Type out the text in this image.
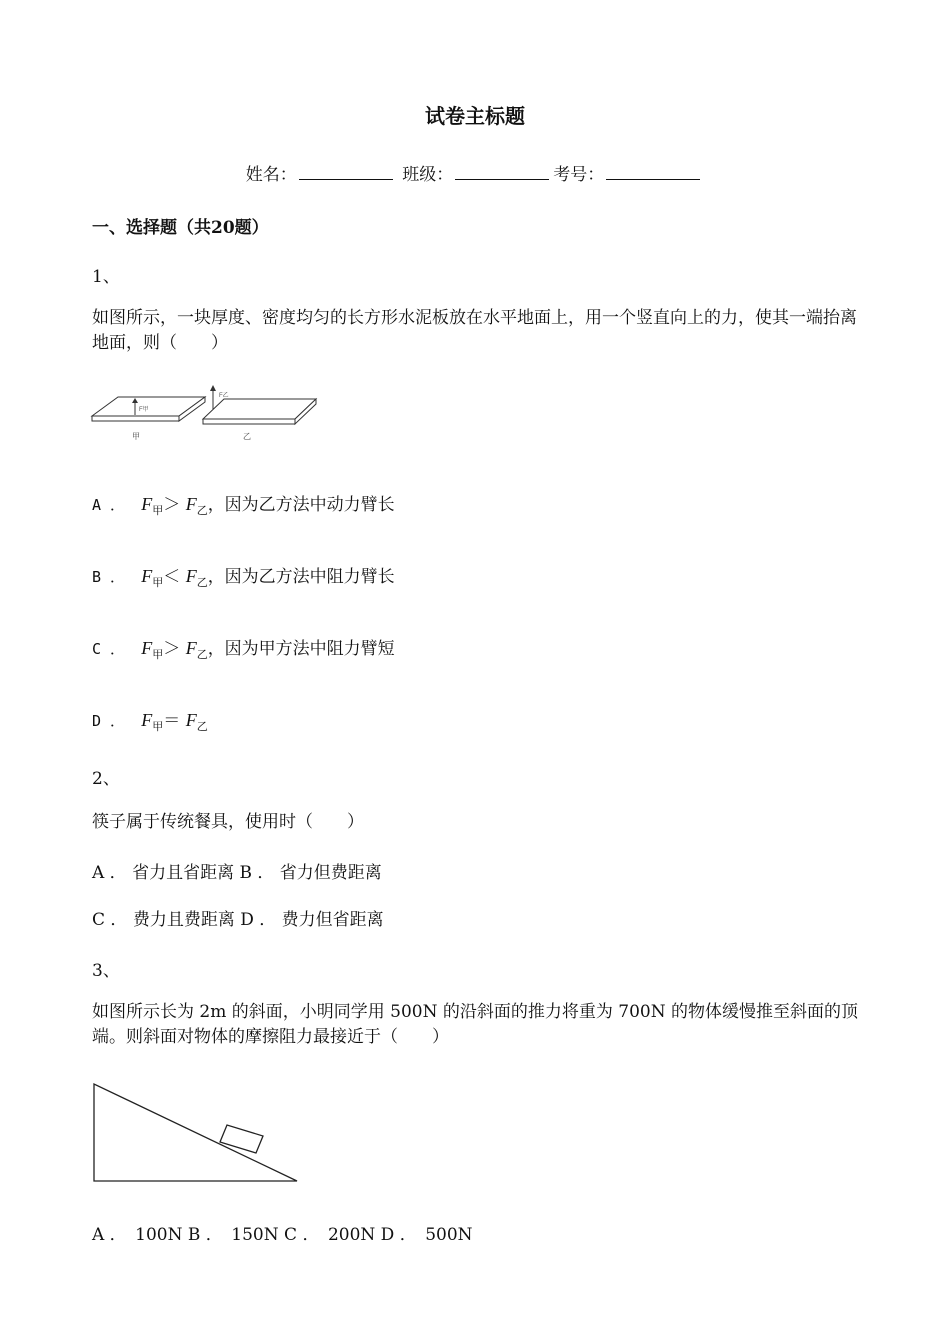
试卷主标题
姓名：	班级：	考号：
一、选择题（共20题）
1、
如图所示，一块厚度、密度均匀的长方形水泥板放在水平地面上，用一个竖直向上的力，使其一端抬离地面，则（　　）
F甲
甲
F乙
乙
A ． $F_甲> F_乙$，因为乙方法中动力臂长
B ． $F_甲< F_乙$，因为乙方法中阻力臂长
C ． $F_甲> F_乙$，因为甲方法中阻力臂短
D ． $F_甲= F_乙$
2、
筷子属于传统餐具，使用时（　　）
A ． 省力且省距离 B ． 省力但费距离
C ． 费力且费距离 D ． 费力但省距离
3、
如图所示长为 2m 的斜面，小明同学用 500N 的沿斜面的推力将重为 700N 的物体缓慢推至斜面的顶端。则斜面对物体的摩擦阻力最接近于（　　）
A ．　100N B ．　150N C ．　200N D ．　500N
